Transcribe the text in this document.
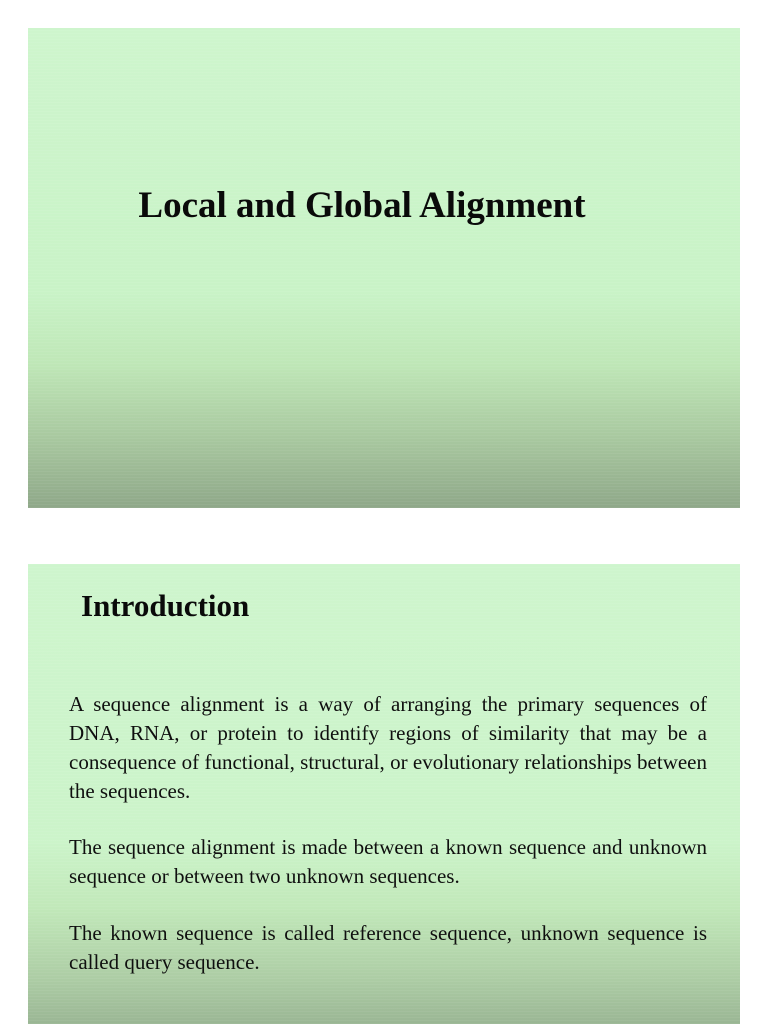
Local and Global Alignment
Introduction

A sequence alignment is a way of arranging the primary sequences of DNA, RNA, or protein to identify regions of similarity that may be a consequence of functional, structural, or evolutionary relationships between the sequences.

The sequence alignment is made between a known sequence and unknown sequence or between two unknown sequences.

The known sequence is called reference sequence, unknown sequence is called query sequence.
